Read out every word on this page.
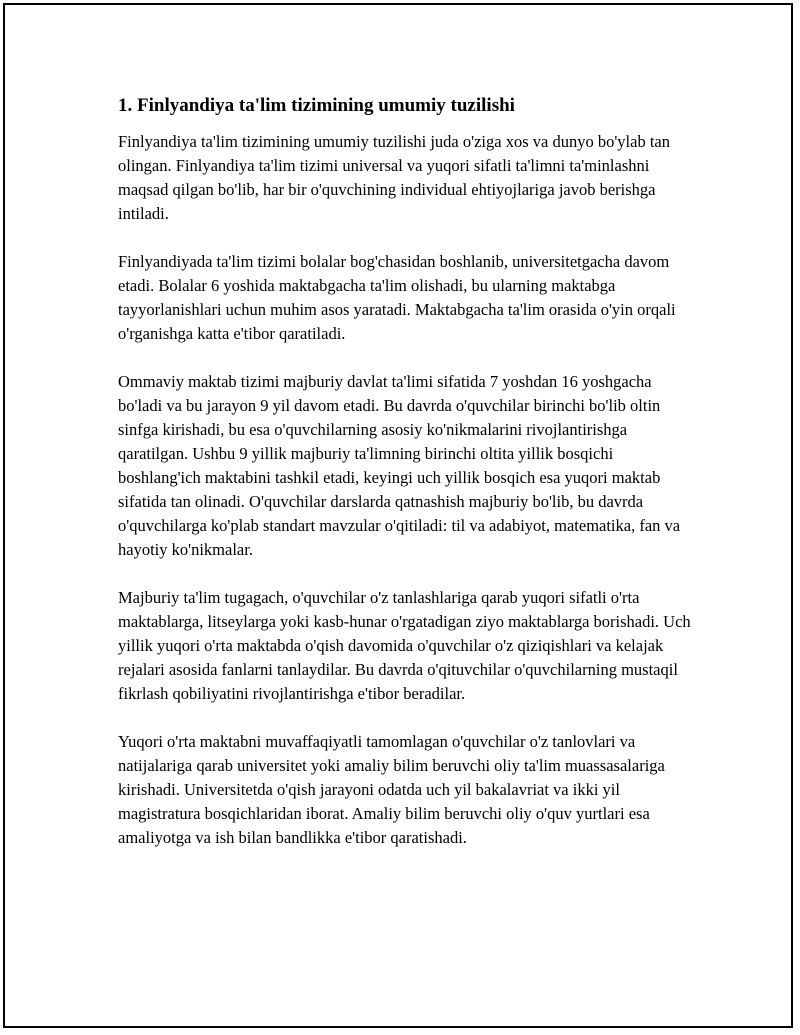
1. Finlyandiya ta'lim tizimining umumiy tuzilishi

Finlyandiya ta'lim tizimining umumiy tuzilishi juda o'ziga xos va dunyo bo'ylab tan olingan. Finlyandiya ta'lim tizimi universal va yuqori sifatli ta'limni ta'minlashni maqsad qilgan bo'lib, har bir o'quvchining individual ehtiyojlariga javob berishga intiladi.

Finlyandiyada ta'lim tizimi bolalar bog'chasidan boshlanib, universitetgacha davom etadi. Bolalar 6 yoshida maktabgacha ta'lim olishadi, bu ularning maktabga tayyorlanishlari uchun muhim asos yaratadi. Maktabgacha ta'lim orasida o'yin orqali o'rganishga katta e'tibor qaratiladi.

Ommaviy maktab tizimi majburiy davlat ta'limi sifatida 7 yoshdan 16 yoshgacha bo'ladi va bu jarayon 9 yil davom etadi. Bu davrda o'quvchilar birinchi bo'lib oltin sinfga kirishadi, bu esa o'quvchilarning asosiy ko'nikmalarini rivojlantirishga qaratilgan. Ushbu 9 yillik majburiy ta'limning birinchi oltita yillik bosqichi boshlang'ich maktabini tashkil etadi, keyingi uch yillik bosqich esa yuqori maktab sifatida tan olinadi. O'quvchilar darslarda qatnashish majburiy bo'lib, bu davrda o'quvchilarga ko'plab standart mavzular o'qitiladi: til va adabiyot, matematika, fan va hayotiy ko'nikmalar.

Majburiy ta'lim tugagach, o'quvchilar o'z tanlashlariga qarab yuqori sifatli o'rta maktablarga, litseylarga yoki kasb-hunar o'rgatadigan ziyo maktablarga borishadi. Uch yillik yuqori o'rta maktabda o'qish davomida o'quvchilar o'z qiziqishlari va kelajak rejalari asosida fanlarni tanlaydilar. Bu davrda o'qituvchilar o'quvchilarning mustaqil fikrlash qobiliyatini rivojlantirishga e'tibor beradilar.

Yuqori o'rta maktabni muvaffaqiyatli tamomlagan o'quvchilar o'z tanlovlari va natijalariga qarab universitet yoki amaliy bilim beruvchi oliy ta'lim muassasalariga kirishadi. Universitetda o'qish jarayoni odatda uch yil bakalavriat va ikki yil magistratura bosqichlaridan iborat. Amaliy bilim beruvchi oliy o'quv yurtlari esa amaliyotga va ish bilan bandlikka e'tibor qaratishadi.
